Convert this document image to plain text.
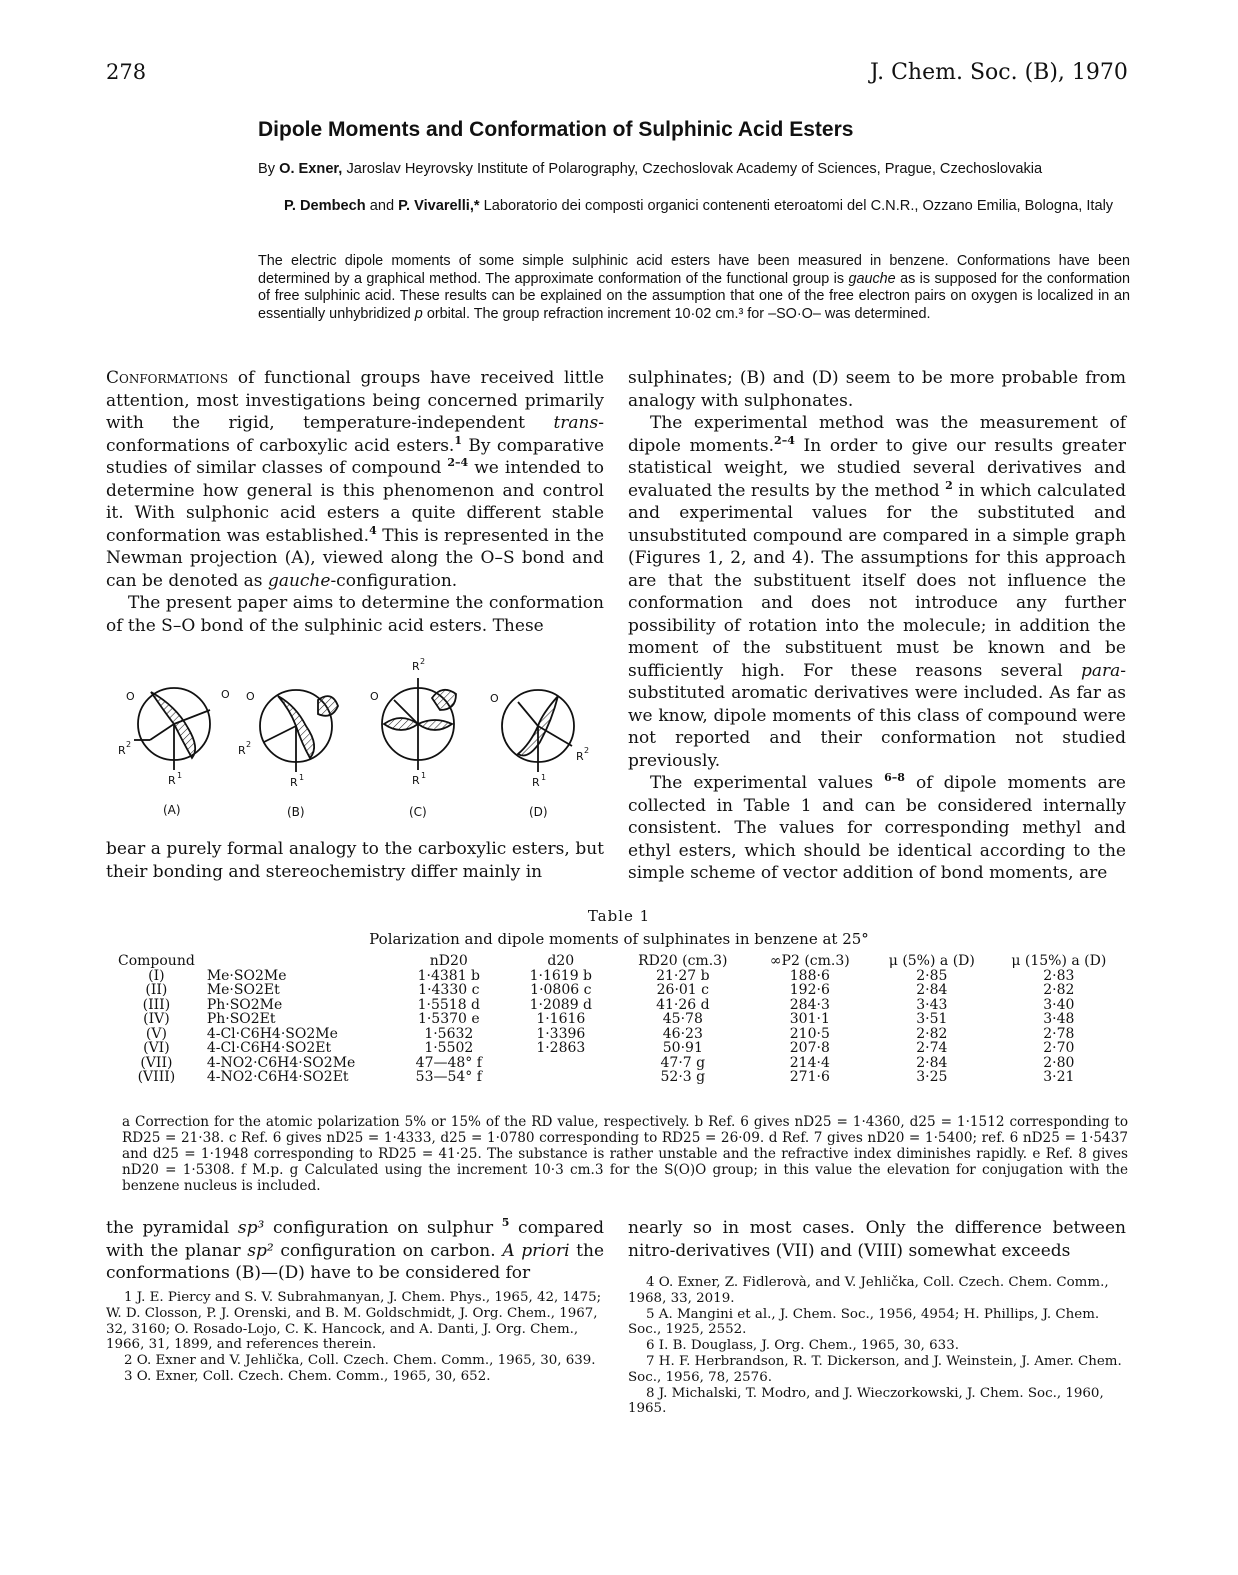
278	J. Chem. Soc. (B), 1970
Dipole Moments and Conformation of Sulphinic Acid Esters
By O. Exner, Jaroslav Heyrovsky Institute of Polarography, Czechoslovak Academy of Sciences, Prague, Czechoslovakia
P. Dembech and P. Vivarelli,* Laboratorio dei composti organici contenenti eteroatomi del C.N.R., Ozzano Emilia, Bologna, Italy
The electric dipole moments of some simple sulphinic acid esters have been measured in benzene. Conformations have been determined by a graphical method. The approximate conformation of the functional group is gauche as is supposed for the conformation of free sulphinic acid. These results can be explained on the assumption that one of the free electron pairs on oxygen is localized in an essentially unhybridized p orbital. The group refraction increment 10·02 cm.³ for –SO·O– was determined.

Conformations of functional groups have received little attention, most investigations being concerned primarily with the rigid, temperature-independent trans-conformations of carboxylic acid esters.$^1$ By comparative studies of similar classes of compound $^{2-4}$ we intended to determine how general is this phenomenon and control it. With sulphonic acid esters a quite different stable conformation was established.$^4$ This is represented in the Newman projection (A), viewed along the O–S bond and can be denoted as gauche-configuration.

The present paper aims to determine the conformation of the S–O bond of the sulphinic acid esters. These

O	O
R 2
R 1
O
R 2
R 1
R 2
O
R 1
O
R 2
R 1
(A)	(B)	(C)	(D)

bear a purely formal analogy to the carboxylic esters, but their bonding and stereochemistry differ mainly in

sulphinates; (B) and (D) seem to be more probable from analogy with sulphonates.

The experimental method was the measurement of dipole moments.$^{2-4}$ In order to give our results greater statistical weight, we studied several derivatives and evaluated the results by the method $^2$ in which calculated and experimental values for the substituted and unsubstituted compound are compared in a simple graph (Figures 1, 2, and 4). The assumptions for this approach are that the substituent itself does not influence the conformation and does not introduce any further possibility of rotation into the molecule; in addition the moment of the substituent must be known and be sufficiently high. For these reasons several para-substituted aromatic derivatives were included. As far as we know, dipole moments of this class of compound were not reported and their conformation not studied previously.

The experimental values $^{6-8}$ of dipole moments are collected in Table 1 and can be considered internally consistent. The values for corresponding methyl and ethyl esters, which should be identical according to the simple scheme of vector addition of bond moments, are

Table 1
Polarization and dipole moments of sulphinates in benzene at 25°
Compound		nD20	d20	RD20 (cm.3)	∞P2 (cm.3)	μ (5%) a (D)	μ (15%) a (D)
(I)	Me·SO2Me	1·4381 b	1·1619 b	21·27 b	188·6	2·85	2·83
(II)	Me·SO2Et	1·4330 c	1·0806 c	26·01 c	192·6	2·84	2·82
(III)	Ph·SO2Me	1·5518 d	1·2089 d	41·26 d	284·3	3·43	3·40
(IV)	Ph·SO2Et	1·5370 e	1·1616	45·78	301·1	3·51	3·48
(V)	4-Cl·C6H4·SO2Me	1·5632	1·3396	46·23	210·5	2·82	2·78
(VI)	4-Cl·C6H4·SO2Et	1·5502	1·2863	50·91	207·8	2·74	2·70
(VII)	4-NO2·C6H4·SO2Me	47—48° f		47·7 g	214·4	2·84	2·80
(VIII)	4-NO2·C6H4·SO2Et	53—54° f		52·3 g	271·6	3·25	3·21
a Correction for the atomic polarization 5% or 15% of the RD value, respectively. b Ref. 6 gives nD25 = 1·4360, d25 = 1·1512 corresponding to RD25 = 21·38. c Ref. 6 gives nD25 = 1·4333, d25 = 1·0780 corresponding to RD25 = 26·09. d Ref. 7 gives nD20 = 1·5400; ref. 6 nD25 = 1·5437 and d25 = 1·1948 corresponding to RD25 = 41·25. The substance is rather unstable and the refractive index diminishes rapidly. e Ref. 8 gives nD20 = 1·5308. f M.p. g Calculated using the increment 10·3 cm.3 for the S(O)O group; in this value the elevation for conjugation with the benzene nucleus is included.

the pyramidal sp³ configuration on sulphur $^5$ compared with the planar sp² configuration on carbon. A priori the conformations (B)—(D) have to be considered for

1 J. E. Piercy and S. V. Subrahmanyan, J. Chem. Phys., 1965, 42, 1475; W. D. Closson, P. J. Orenski, and B. M. Goldschmidt, J. Org. Chem., 1967, 32, 3160; O. Rosado-Lojo, C. K. Hancock, and A. Danti, J. Org. Chem., 1966, 31, 1899, and references therein.

2 O. Exner and V. Jehlička, Coll. Czech. Chem. Comm., 1965, 30, 639.

3 O. Exner, Coll. Czech. Chem. Comm., 1965, 30, 652.

nearly so in most cases. Only the difference between nitro-derivatives (VII) and (VIII) somewhat exceeds

4 O. Exner, Z. Fidlerovà, and V. Jehlička, Coll. Czech. Chem. Comm., 1968, 33, 2019.

5 A. Mangini et al., J. Chem. Soc., 1956, 4954; H. Phillips, J. Chem. Soc., 1925, 2552.

6 I. B. Douglass, J. Org. Chem., 1965, 30, 633.

7 H. F. Herbrandson, R. T. Dickerson, and J. Weinstein, J. Amer. Chem. Soc., 1956, 78, 2576.

8 J. Michalski, T. Modro, and J. Wieczorkowski, J. Chem. Soc., 1960, 1965.
